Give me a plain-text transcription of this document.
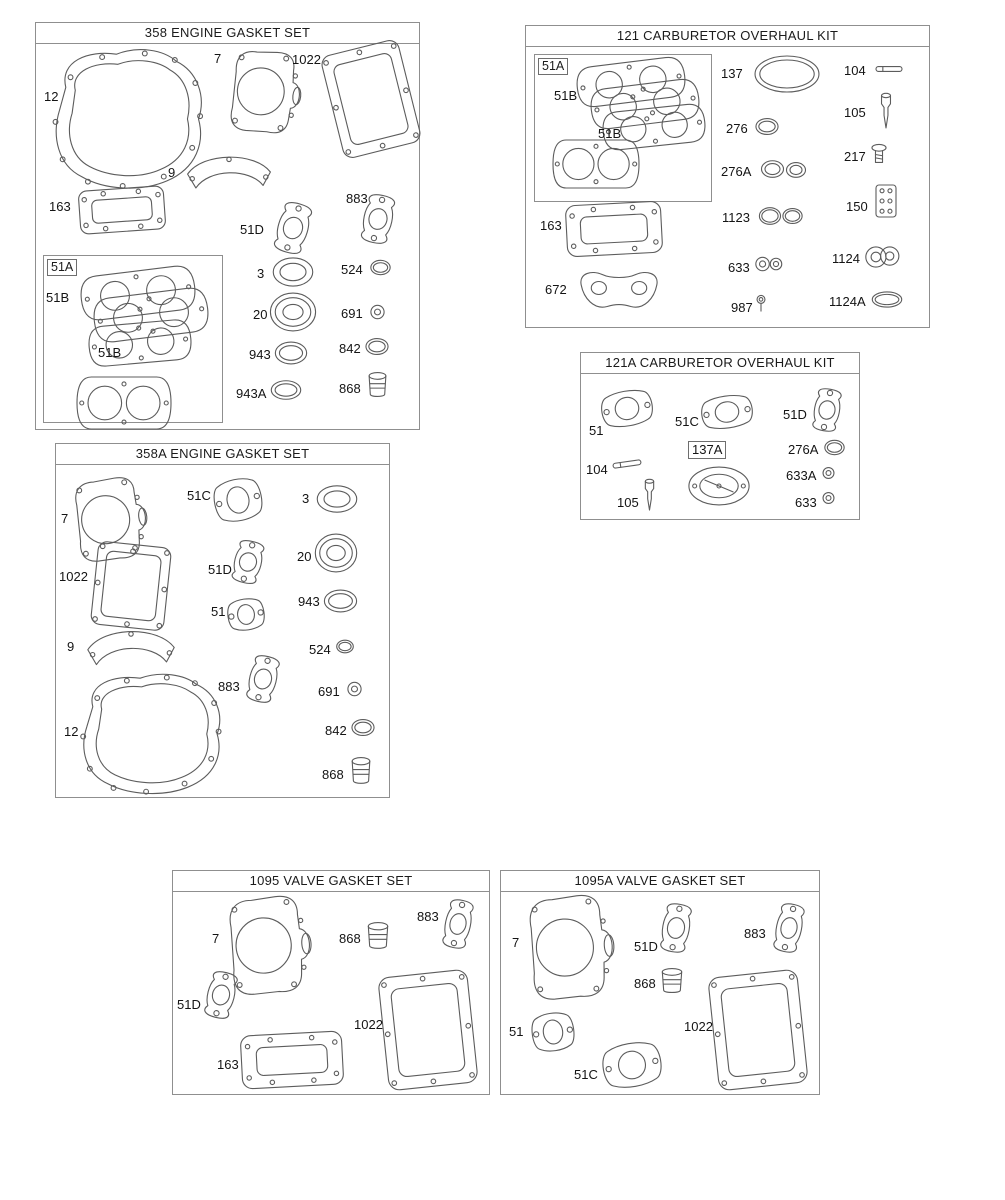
358 ENGINE GASKET SET
51A
12
7	1022
9
163
51D
883
3	524
20	691
943	842
943A	868
51B
51B
121 CARBURETOR OVERHAUL KIT
51A
51B
51B
137	104
105
276
217
276A
1123
150
163
633
1124
672
987	1124A
121A CARBURETOR OVERHAUL KIT
51
51C	51D
104
137A	276A
633A
105	633
358A ENGINE GASKET SET
7
51C	3
1022	51D
20
51
943
9	524
883	691
12	842
868
1095 VALVE GASKET SET
7	868
883
51D
1022
163
1095A VALVE GASKET SET
7	51D
883
868
51	1022
51C
